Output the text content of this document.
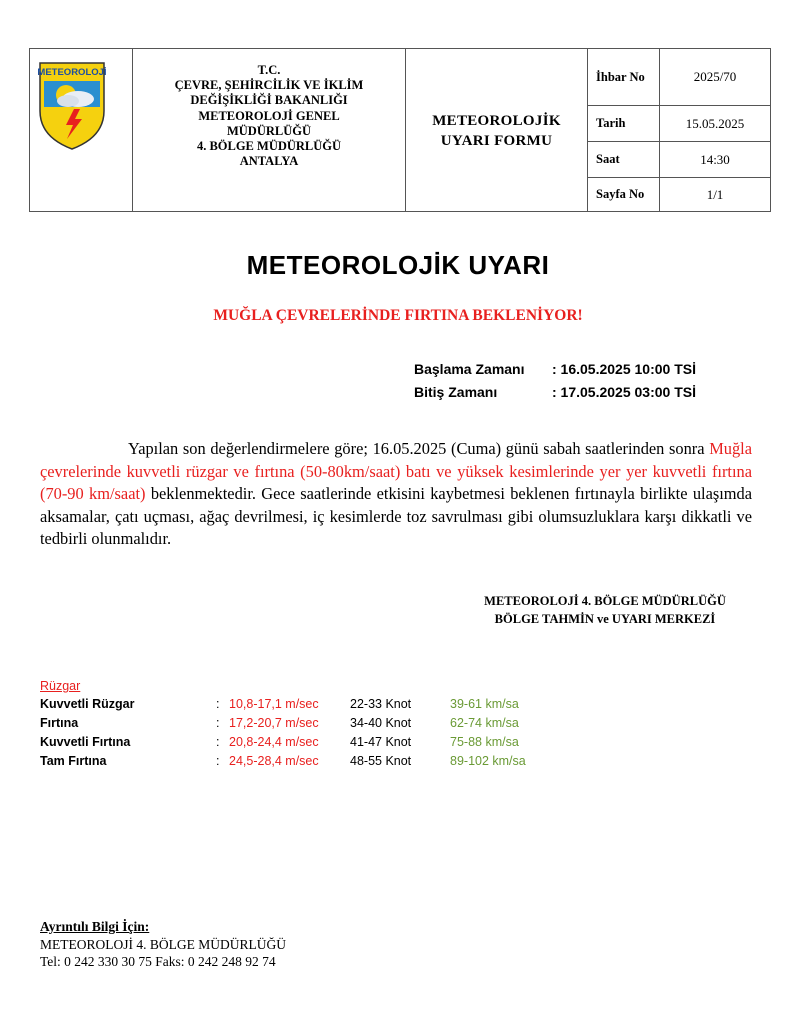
METEOROLOJİ	T.C.
ÇEVRE, ŞEHİRCİLİK VE İKLİM
DEĞİŞİKLİĞİ BAKANLIĞI
METEOROLOJİ GENEL
MÜDÜRLÜĞÜ
4. BÖLGE MÜDÜRLÜĞÜ
ANTALYA
METEOROLOJİK
UYARI FORMU
İhbar No	2025/70
Tarih	15.05.2025
Saat	14:30
Sayfa No	1/1
METEOROLOJİK UYARI
MUĞLA ÇEVRELERİNDE FIRTINA BEKLENİYOR!
Başlama Zamanı : 16.05.2025 10:00 TSİ
Bitiş Zamanı	: 17.05.2025 03:00 TSİ
Yapılan son değerlendirmelere göre; 16.05.2025 (Cuma) günü sabah saatlerinden sonra Muğla çevrelerinde kuvvetli rüzgar ve fırtına (50-80km/saat) batı ve yüksek kesimlerinde yer yer kuvvetli fırtına (70-90 km/saat) beklenmektedir. Gece saatlerinde etkisini kaybetmesi beklenen fırtınayla birlikte ulaşımda aksamalar, çatı uçması, ağaç devrilmesi, iç kesimlerde toz savrulması gibi olumsuzluklara karşı dikkatli ve tedbirli olunmalıdır.
METEOROLOJİ 4. BÖLGE MÜDÜRLÜĞÜ
BÖLGE TAHMİN ve UYARI MERKEZİ
Rüzgar
Kuvvetli Rüzgar	: 10,8-17,1 m/sec	22-33 Knot	39-61 km/sa
Fırtına	: 17,2-20,7 m/sec	34-40 Knot	62-74 km/sa
Kuvvetli Fırtına	: 20,8-24,4 m/sec	41-47 Knot	75-88 km/sa
Tam Fırtına	: 24,5-28,4 m/sec	48-55 Knot	89-102 km/sa
Ayrıntılı Bilgi İçin:
METEOROLOJİ 4. BÖLGE MÜDÜRLÜĞÜ
Tel: 0 242 330 30 75 Faks: 0 242 248 92 74
